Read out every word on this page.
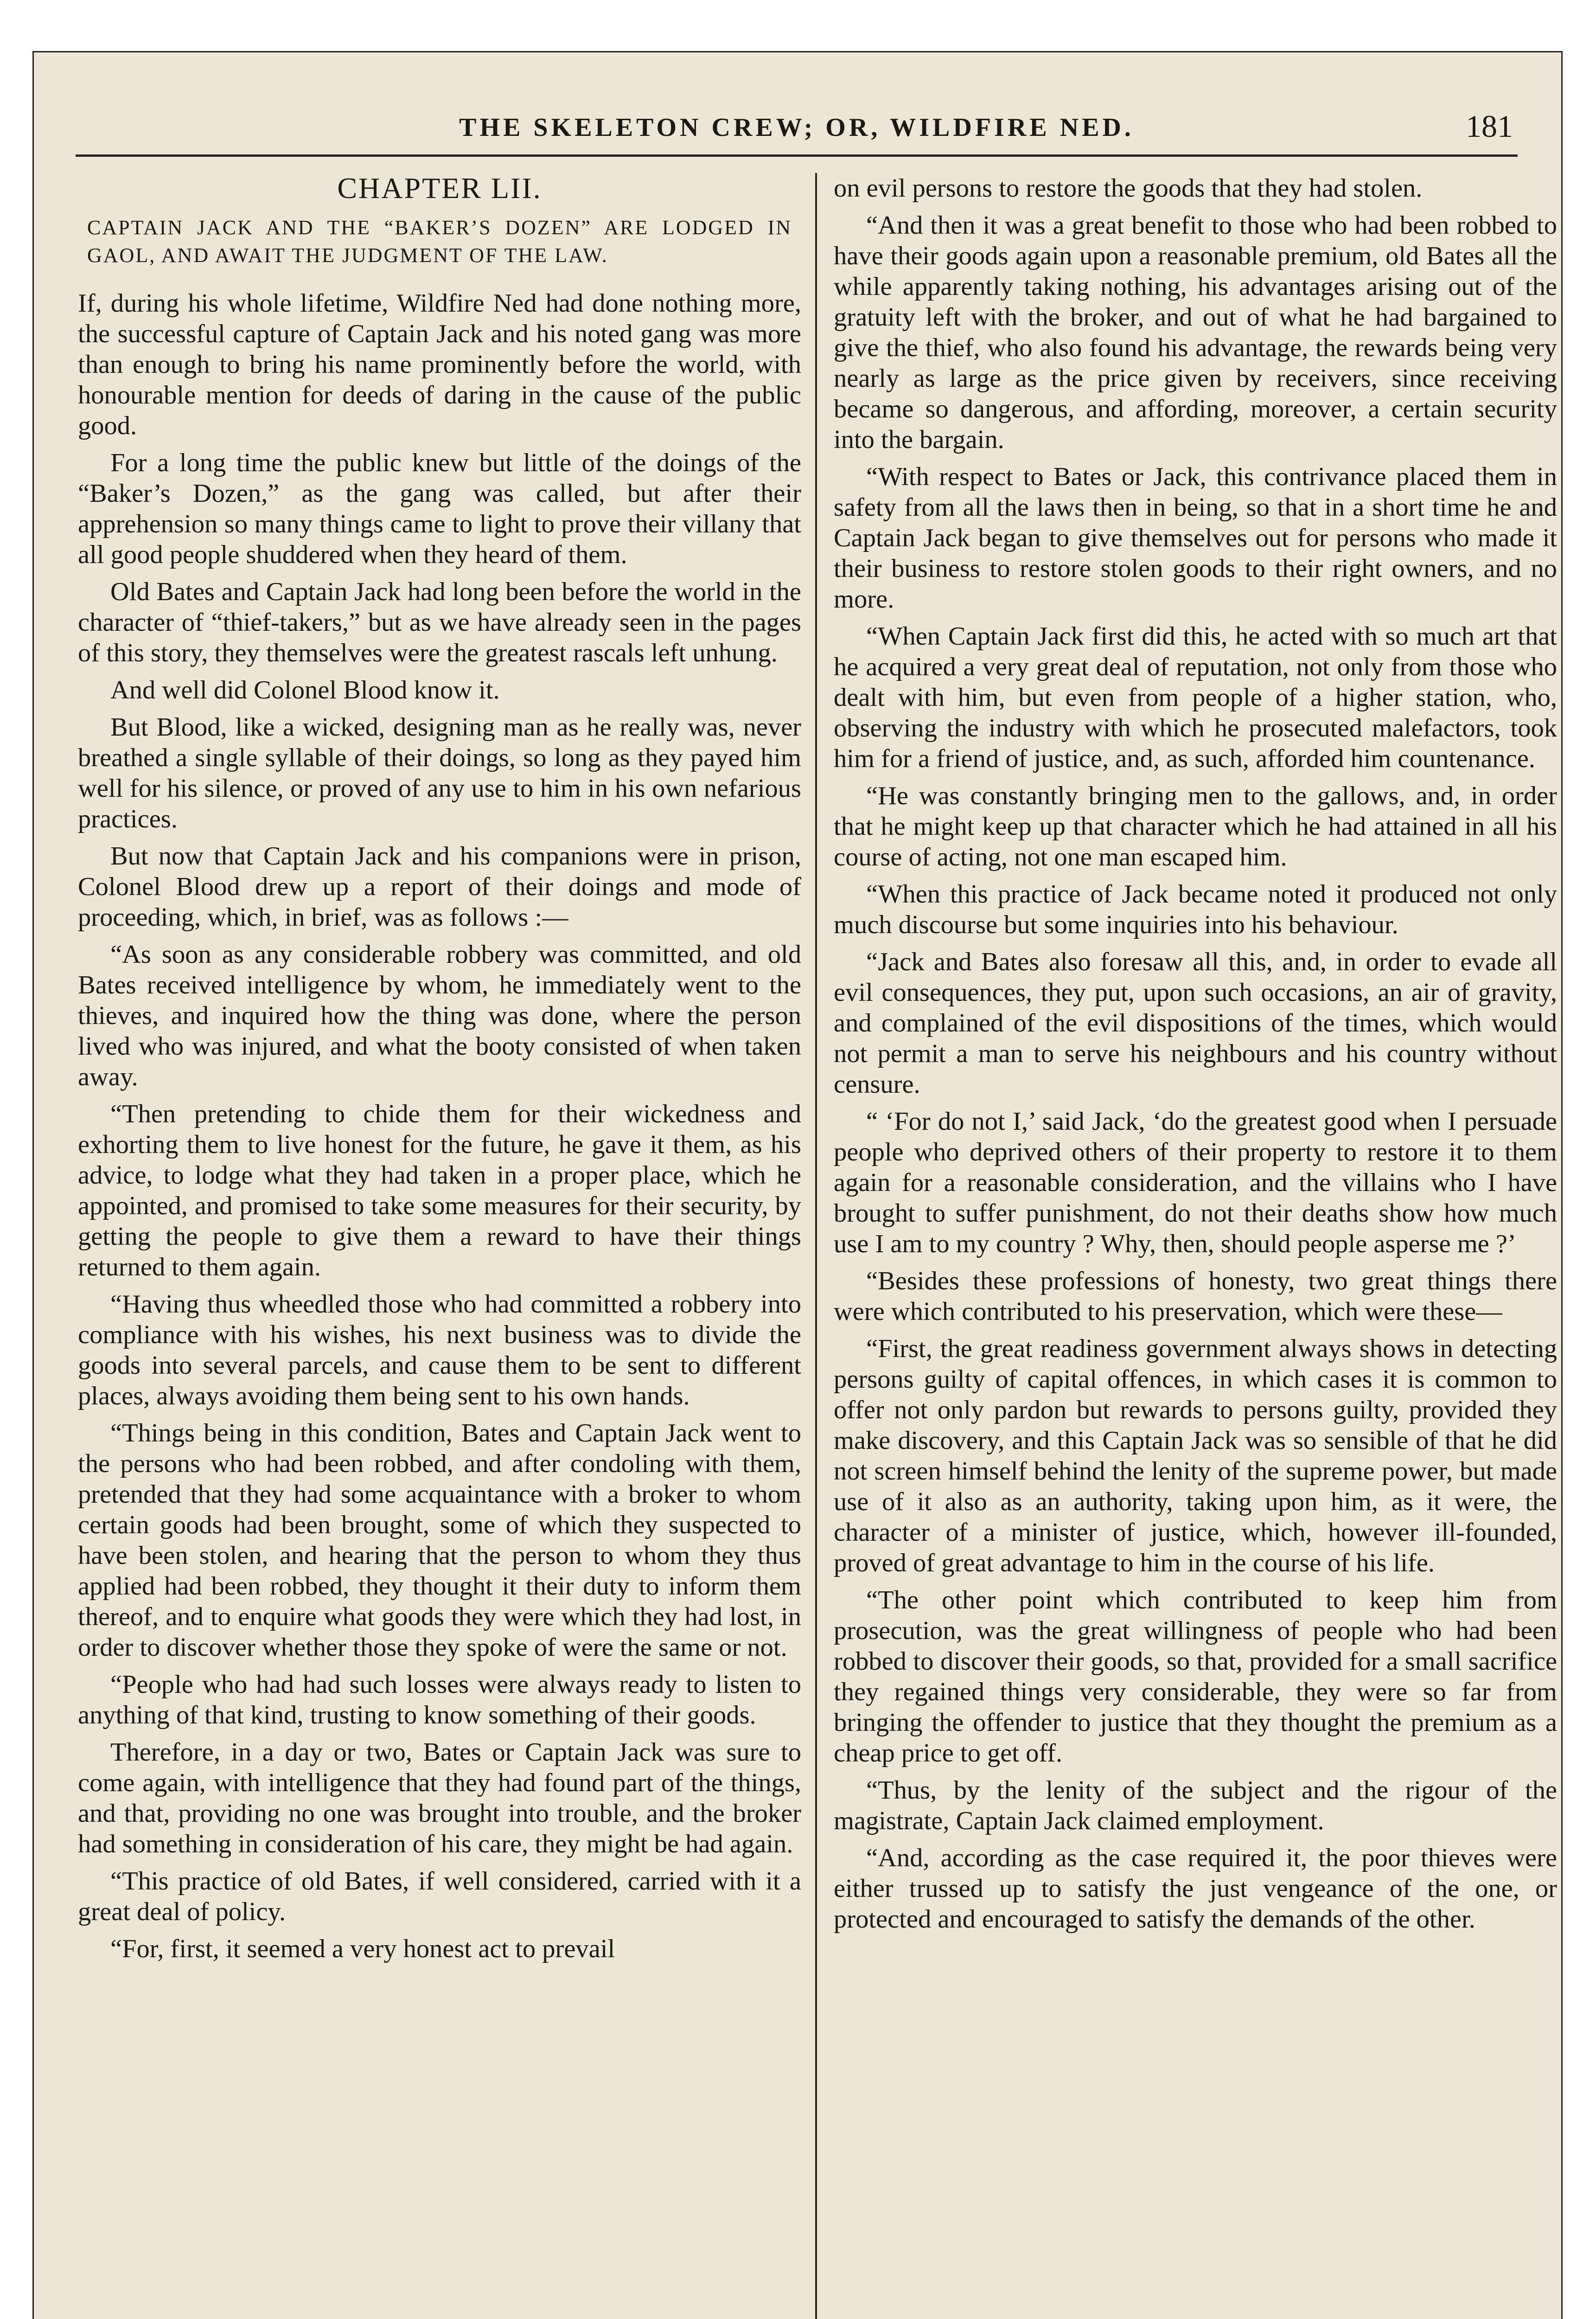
THE SKELETON CREW; OR, WILDFIRE NED.	181
CHAPTER LII.
CAPTAIN JACK AND THE “BAKER’S DOZEN” ARE LODGED IN GAOL, AND AWAIT THE JUDGMENT OF THE LAW.

If, during his whole lifetime, Wildfire Ned had done nothing more, the successful capture of Captain Jack and his noted gang was more than enough to bring his name prominently before the world, with honourable mention for deeds of daring in the cause of the public good.

For a long time the public knew but little of the doings of the “Baker’s Dozen,” as the gang was called, but after their apprehension so many things came to light to prove their villany that all good people shuddered when they heard of them.

Old Bates and Captain Jack had long been before the world in the character of “thief-takers,” but as we have already seen in the pages of this story, they themselves were the greatest rascals left unhung.

And well did Colonel Blood know it.

But Blood, like a wicked, designing man as he really was, never breathed a single syllable of their doings, so long as they payed him well for his silence, or proved of any use to him in his own nefarious practices.

But now that Captain Jack and his companions were in prison, Colonel Blood drew up a report of their doings and mode of proceeding, which, in brief, was as follows :—

“As soon as any considerable robbery was committed, and old Bates received intelligence by whom, he immediately went to the thieves, and inquired how the thing was done, where the person lived who was injured, and what the booty consisted of when taken away.

“Then pretending to chide them for their wickedness and exhorting them to live honest for the future, he gave it them, as his advice, to lodge what they had taken in a proper place, which he appointed, and promised to take some measures for their security, by getting the people to give them a reward to have their things returned to them again.

“Having thus wheedled those who had committed a robbery into compliance with his wishes, his next business was to divide the goods into several parcels, and cause them to be sent to different places, always avoiding them being sent to his own hands.

“Things being in this condition, Bates and Captain Jack went to the persons who had been robbed, and after condoling with them, pretended that they had some acquaintance with a broker to whom certain goods had been brought, some of which they suspected to have been stolen, and hearing that the person to whom they thus applied had been robbed, they thought it their duty to inform them thereof, and to enquire what goods they were which they had lost, in order to discover whether those they spoke of were the same or not.

“People who had had such losses were always ready to listen to anything of that kind, trusting to know something of their goods.

Therefore, in a day or two, Bates or Captain Jack was sure to come again, with intelligence that they had found part of the things, and that, providing no one was brought into trouble, and the broker had something in consideration of his care, they might be had again.

“This practice of old Bates, if well considered, carried with it a great deal of policy.

“For, first, it seemed a very honest act to prevail

on evil persons to restore the goods that they had stolen.

“And then it was a great benefit to those who had been robbed to have their goods again upon a reasonable premium, old Bates all the while apparently taking nothing, his advantages arising out of the gratuity left with the broker, and out of what he had bargained to give the thief, who also found his advantage, the rewards being very nearly as large as the price given by receivers, since receiving became so dangerous, and affording, moreover, a certain security into the bargain.

“With respect to Bates or Jack, this contrivance placed them in safety from all the laws then in being, so that in a short time he and Captain Jack began to give themselves out for persons who made it their business to restore stolen goods to their right owners, and no more.

“When Captain Jack first did this, he acted with so much art that he acquired a very great deal of reputation, not only from those who dealt with him, but even from people of a higher station, who, observing the industry with which he prosecuted malefactors, took him for a friend of justice, and, as such, afforded him countenance.

“He was constantly bringing men to the gallows, and, in order that he might keep up that character which he had attained in all his course of acting, not one man escaped him.

“When this practice of Jack became noted it produced not only much discourse but some inquiries into his behaviour.

“Jack and Bates also foresaw all this, and, in order to evade all evil consequences, they put, upon such occasions, an air of gravity, and complained of the evil dispositions of the times, which would not permit a man to serve his neighbours and his country without censure.

“ ‘For do not I,’ said Jack, ‘do the greatest good when I persuade people who deprived others of their property to restore it to them again for a reasonable consideration, and the villains who I have brought to suffer punishment, do not their deaths show how much use I am to my country ? Why, then, should people asperse me ?’

“Besides these professions of honesty, two great things there were which contributed to his preservation, which were these—

“First, the great readiness government always shows in detecting persons guilty of capital offences, in which cases it is common to offer not only pardon but rewards to persons guilty, provided they make discovery, and this Captain Jack was so sensible of that he did not screen himself behind the lenity of the supreme power, but made use of it also as an authority, taking upon him, as it were, the character of a minister of justice, which, however ill-founded, proved of great advantage to him in the course of his life.

“The other point which contributed to keep him from prosecution, was the great willingness of people who had been robbed to discover their goods, so that, provided for a small sacrifice they regained things very considerable, they were so far from bringing the offender to justice that they thought the premium as a cheap price to get off.

“Thus, by the lenity of the subject and the rigour of the magistrate, Captain Jack claimed employment.

“And, according as the case required it, the poor thieves were either trussed up to satisfy the just vengeance of the one, or protected and encouraged to satisfy the demands of the other.
